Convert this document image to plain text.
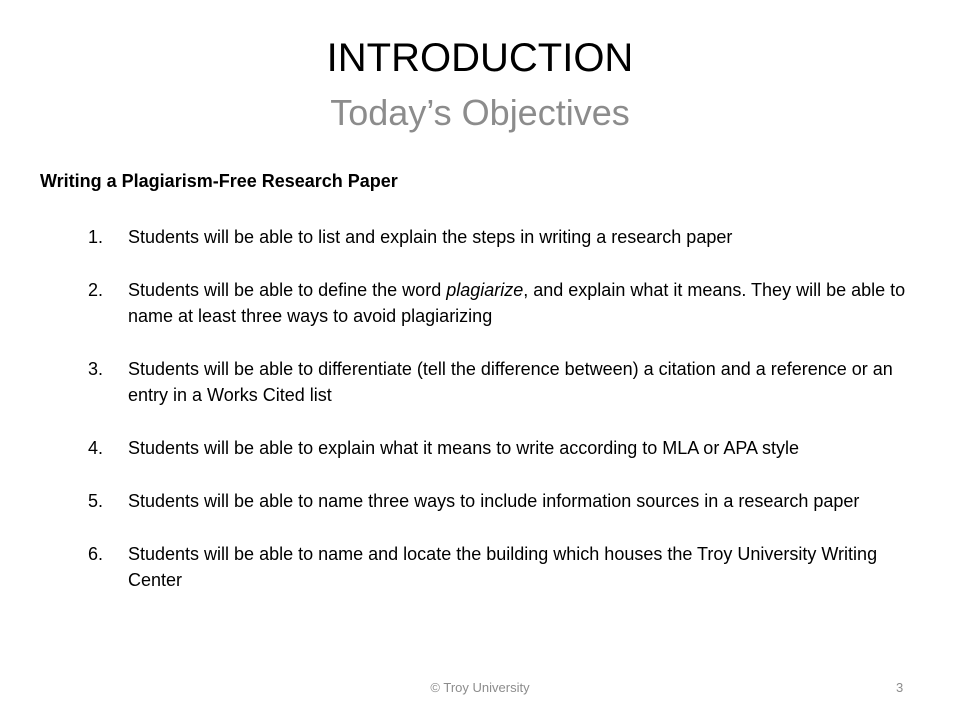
INTRODUCTION
Today’s Objectives
Writing a Plagiarism-Free Research Paper
1. Students will be able to list and explain the steps in writing a research paper
2. Students will be able to define the word plagiarize, and explain what it means. They will be able to name at least three ways to avoid plagiarizing
3. Students will be able to differentiate (tell the difference between) a citation and a reference or an entry in a Works Cited list
4. Students will be able to explain what it means to write according to MLA or APA style
5. Students will be able to name three ways to include information sources in a research paper
6. Students will be able to name and locate the building which houses the Troy University Writing Center
© Troy University	3
